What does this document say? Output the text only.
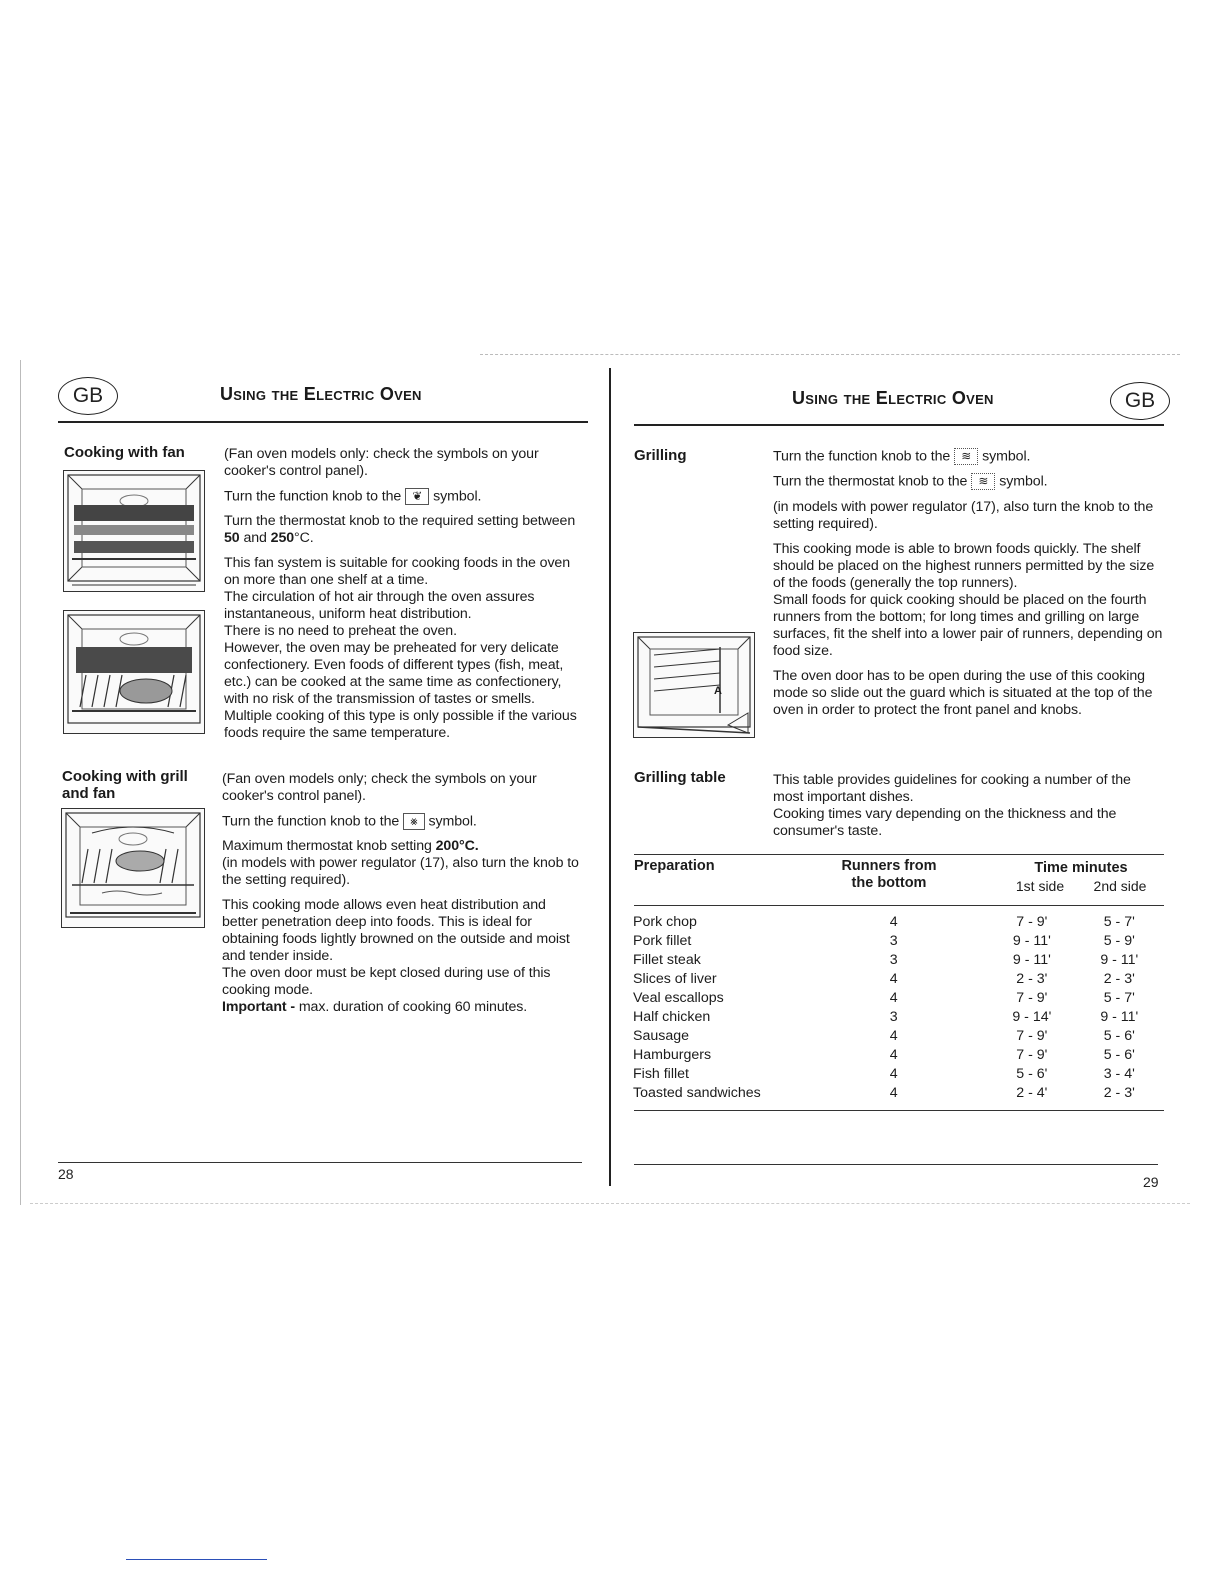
GB	Using the Electric Oven
Cooking with fan	(Fan oven models only: check the symbols on your cooker's control panel).

Turn the function knob to the ❦ symbol.

Turn the thermostat knob to the required setting between 50 and 250°C.

This fan system is suitable for cooking foods in the oven on more than one shelf at a time.

The circulation of hot air through the oven assures instantaneous, uniform heat distribution.

There is no need to preheat the oven.

However, the oven may be preheated for very delicate confectionery. Even foods of different types (fish, meat, etc.) can be cooked at the same time as confectionery, with no risk of the transmission of tastes or smells.

Multiple cooking of this type is only possible if the various foods require the same temperature.

Cooking with grill and fan

(Fan oven models only; check the symbols on your cooker's control panel).

Turn the function knob to the ⨳ symbol.

Maximum thermostat knob setting 200°C.

(in models with power regulator (17), also turn the knob to the setting required).

This cooking mode allows even heat distribution and better penetration deep into foods. This is ideal for obtaining foods lightly browned on the outside and moist and tender inside.

The oven door must be kept closed during use of this cooking mode.

Important - max. duration of cooking 60 minutes.

28
Using the Electric Oven	GB
Grilling
A

Turn the function knob to the ≋ symbol.

Turn the thermostat knob to the ≋ symbol.

(in models with power regulator (17), also turn the knob to the setting required).

This cooking mode is able to brown foods quickly. The shelf should be placed on the highest runners permitted by the size of the foods (generally the top runners).

Small foods for quick cooking should be placed on the fourth runners from the bottom; for long times and grilling on large surfaces, fit the shelf into a lower pair of runners, depending on food size.

The oven door has to be open during the use of this cooking mode so slide out the guard which is situated at the top of the oven in order to protect the front panel and knobs.

Grilling table	This table provides guidelines for cooking a number of the most important dishes.

Cooking times vary depending on the thickness and the consumer's taste.

Preparation	Runners from
the bottom
Time minutes
1st side	2nd side
Pork chop	4	7 - 9'	5 - 7'
Pork fillet	3	9 - 11'	5 - 9'
Fillet steak	3	9 - 11'	9 - 11'
Slices of liver	4	2 - 3'	2 - 3'
Veal escallops	4	7 - 9'	5 - 7'
Half chicken	3	9 - 14'	9 - 11'
Sausage	4	7 - 9'	5 - 6'
Hamburgers	4	7 - 9'	5 - 6'
Fish fillet	4	5 - 6'	3 - 4'
Toasted sandwiches	4	2 - 4'	2 - 3'
29
